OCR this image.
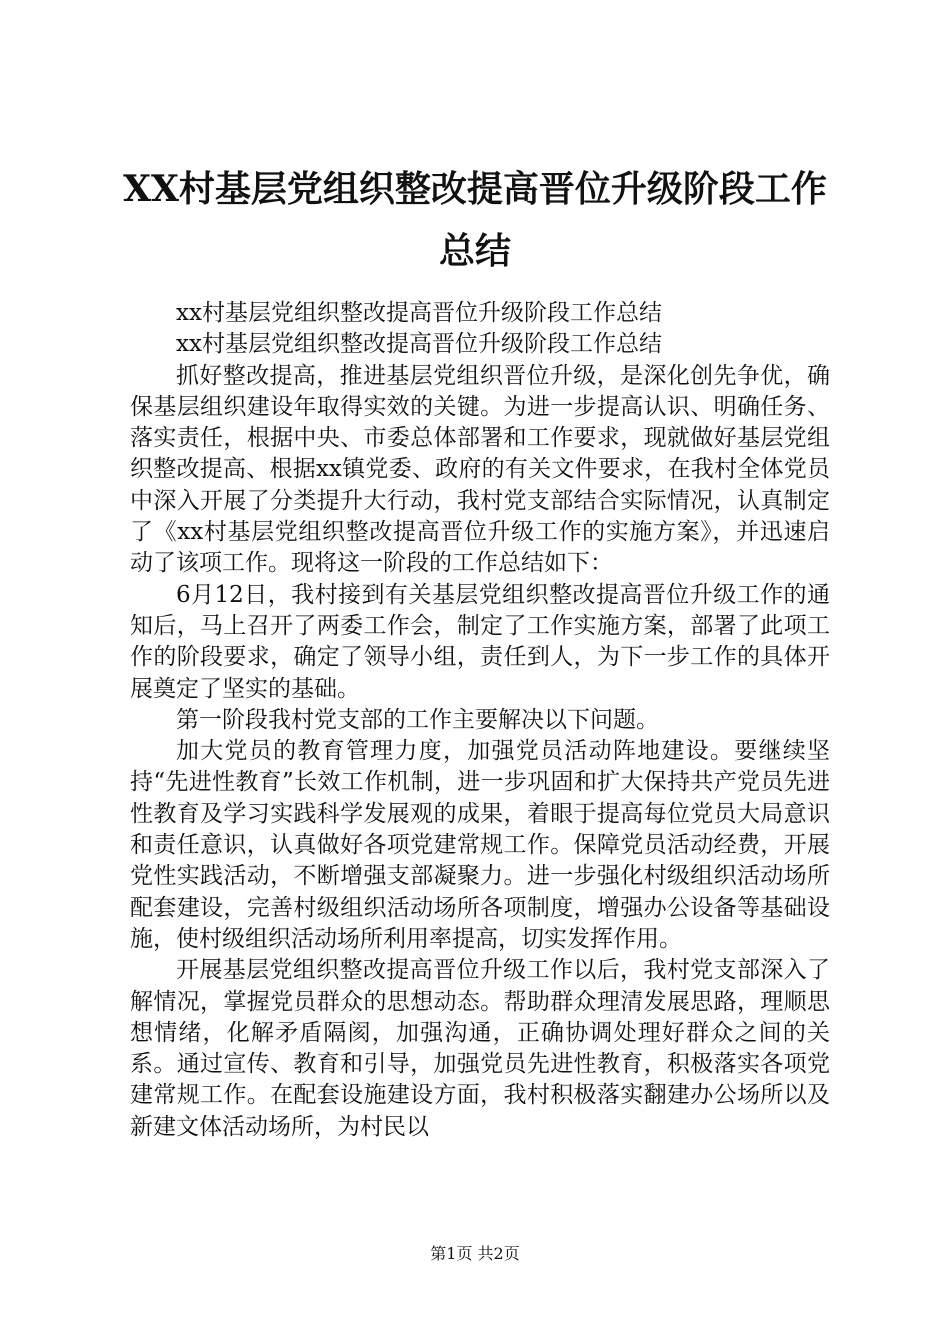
XX村基层党组织整改提高晋位升级阶段工作
总结

xx村基层党组织整改提高晋位升级阶段工作总结

xx村基层党组织整改提高晋位升级阶段工作总结

抓好整改提高，推进基层党组织晋位升级，是深化创先争优，确保基层组织建设年取得实效的关键。为进一步提高认识、明确任务、落实责任，根据中央、市委总体部署和工作要求，现就做好基层党组织整改提高、根据xx镇党委、政府的有关文件要求，在我村全体党员中深入开展了分类提升大行动，我村党支部结合实际情况，认真制定了《xx村基层党组织整改提高晋位升级工作的实施方案》，并迅速启动了该项工作。现将这一阶段的工作总结如下：

6月12日，我村接到有关基层党组织整改提高晋位升级工作的通知后，马上召开了两委工作会，制定了工作实施方案，部署了此项工作的阶段要求，确定了领导小组，责任到人，为下一步工作的具体开展奠定了坚实的基础。

第一阶段我村党支部的工作主要解决以下问题。

加大党员的教育管理力度，加强党员活动阵地建设。要继续坚持“先进性教育”长效工作机制，进一步巩固和扩大保持共产党员先进性教育及学习实践科学发展观的成果，着眼于提高每位党员大局意识和责任意识，认真做好各项党建常规工作。保障党员活动经费，开展党性实践活动，不断增强支部凝聚力。进一步强化村级组织活动场所配套建设，完善村级组织活动场所各项制度，增强办公设备等基础设施，使村级组织活动场所利用率提高，切实发挥作用。

开展基层党组织整改提高晋位升级工作以后，我村党支部深入了解情况，掌握党员群众的思想动态。帮助群众理清发展思路，理顺思想情绪，化解矛盾隔阂，加强沟通，正确协调处理好群众之间的关系。通过宣传、教育和引导，加强党员先进性教育，积极落实各项党建常规工作。在配套设施建设方面，我村积极落实翻建办公场所以及新建文体活动场所，为村民以

第1页 共2页
